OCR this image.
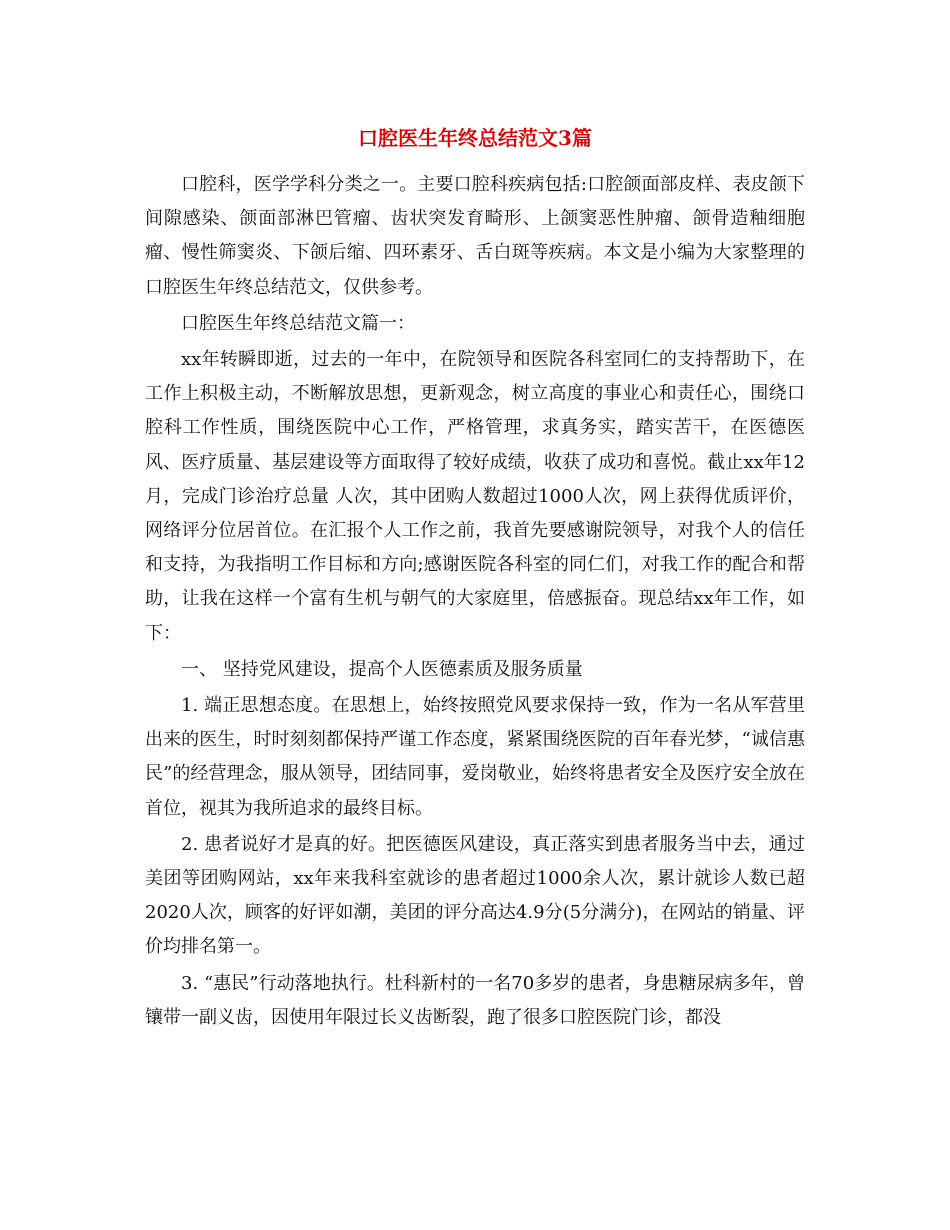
口腔医生年终总结范文3篇

口腔科，医学学科分类之一。主要口腔科疾病包括:口腔颌面部皮样、表皮颌下间隙感染、颌面部淋巴管瘤、齿状突发育畸形、上颌窦恶性肿瘤、颌骨造釉细胞瘤、慢性筛窦炎、下颌后缩、四环素牙、舌白斑等疾病。本文是小编为大家整理的口腔医生年终总结范文，仅供参考。

口腔医生年终总结范文篇一：

xx年转瞬即逝，过去的一年中，在院领导和医院各科室同仁的支持帮助下，在工作上积极主动，不断解放思想，更新观念，树立高度的事业心和责任心，围绕口腔科工作性质，围绕医院中心工作，严格管理，求真务实，踏实苦干，在医德医风、医疗质量、基层建设等方面取得了较好成绩，收获了成功和喜悦。截止xx年12月，完成门诊治疗总量 人次，其中团购人数超过1000人次，网上获得优质评价，网络评分位居首位。在汇报个人工作之前，我首先要感谢院领导，对我个人的信任和支持，为我指明工作目标和方向;感谢医院各科室的同仁们，对我工作的配合和帮助，让我在这样一个富有生机与朝气的大家庭里，倍感振奋。现总结xx年工作，如下：

一、 坚持党风建设，提高个人医德素质及服务质量

1. 端正思想态度。在思想上，始终按照党风要求保持一致，作为一名从军营里出来的医生，时时刻刻都保持严谨工作态度，紧紧围绕医院的百年春光梦，“诚信惠民”的经营理念，服从领导，团结同事，爱岗敬业，始终将患者安全及医疗安全放在首位，视其为我所追求的最终目标。

2. 患者说好才是真的好。把医德医风建设，真正落实到患者服务当中去，通过美团等团购网站，xx年来我科室就诊的患者超过1000余人次，累计就诊人数已超2020人次，顾客的好评如潮，美团的评分高达4.9分(5分满分)，在网站的销量、评价均排名第一。

3. “惠民”行动落地执行。杜科新村的一名70多岁的患者，身患糖尿病多年，曾镶带一副义齿，因使用年限过长义齿断裂，跑了很多口腔医院门诊，都没
